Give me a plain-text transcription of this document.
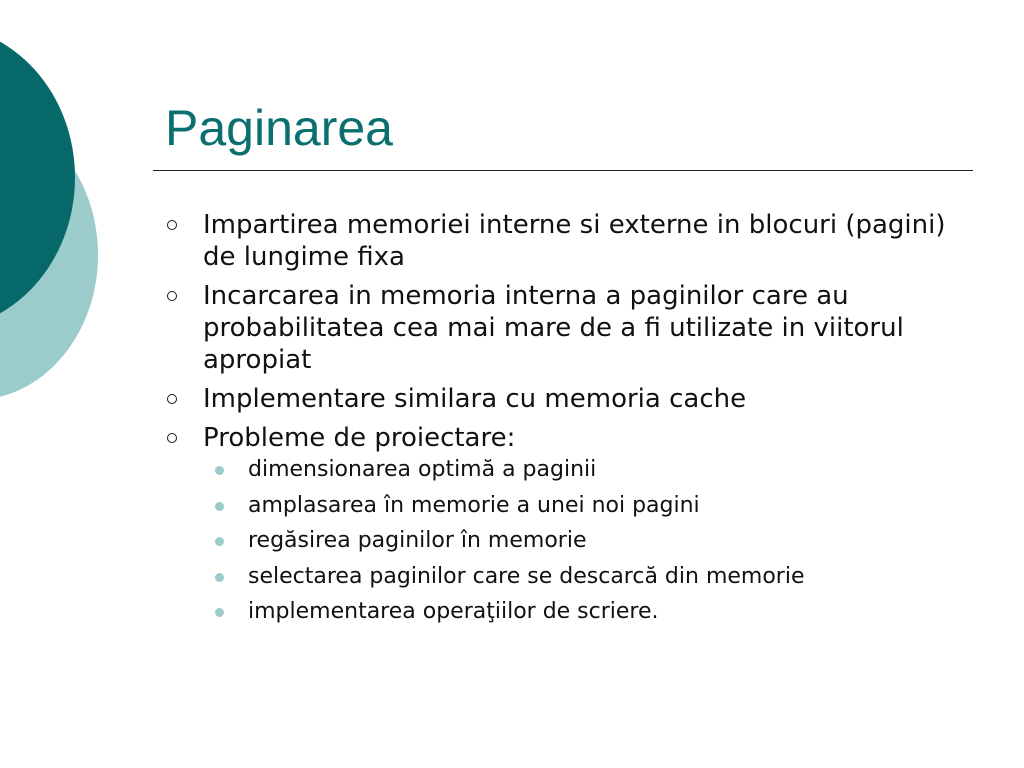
Paginarea
Impartirea memoriei interne si externe in blocuri (pagini) de lungime fixa
Incarcarea in memoria interna a paginilor care au probabilitatea cea mai mare de a fi utilizate in viitorul apropiat
Implementare similara cu memoria cache
Probleme de proiectare:
dimensionarea optimă a paginii
amplasarea în memorie a unei noi pagini
regăsirea paginilor în memorie
selectarea paginilor care se descarcă din memorie
implementarea operaţiilor de scriere.
